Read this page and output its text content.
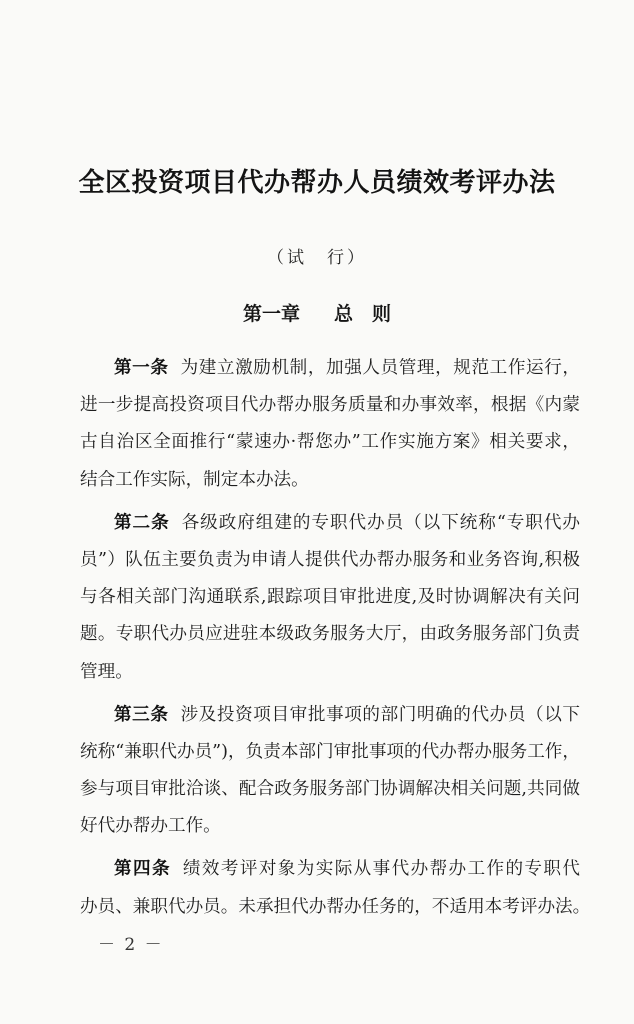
全区投资项目代办帮办人员绩效考评办法
（试　行）
第一章 总　则
第一条 为建立激励机制，加强人员管理，规范工作运行，
进一步提高投资项目代办帮办服务质量和办事效率，根据《内蒙
古自治区全面推行“蒙速办·帮您办”工作实施方案》相关要求，
结合工作实际，制定本办法。
第二条 各级政府组建的专职代办员（以下统称“专职代办
员”）队伍主要负责为申请人提供代办帮办服务和业务咨询,积极
与各相关部门沟通联系,跟踪项目审批进度,及时协调解决有关问
题。专职代办员应进驻本级政务服务大厅，由政务服务部门负责
管理。
第三条 涉及投资项目审批事项的部门明确的代办员（以下
统称“兼职代办员”)，负责本部门审批事项的代办帮办服务工作，
参与项目审批洽谈、配合政务服务部门协调解决相关问题,共同做
好代办帮办工作。
第四条 绩效考评对象为实际从事代办帮办工作的专职代
办员、兼职代办员。未承担代办帮办任务的，不适用本考评办法。
－ 2 －
